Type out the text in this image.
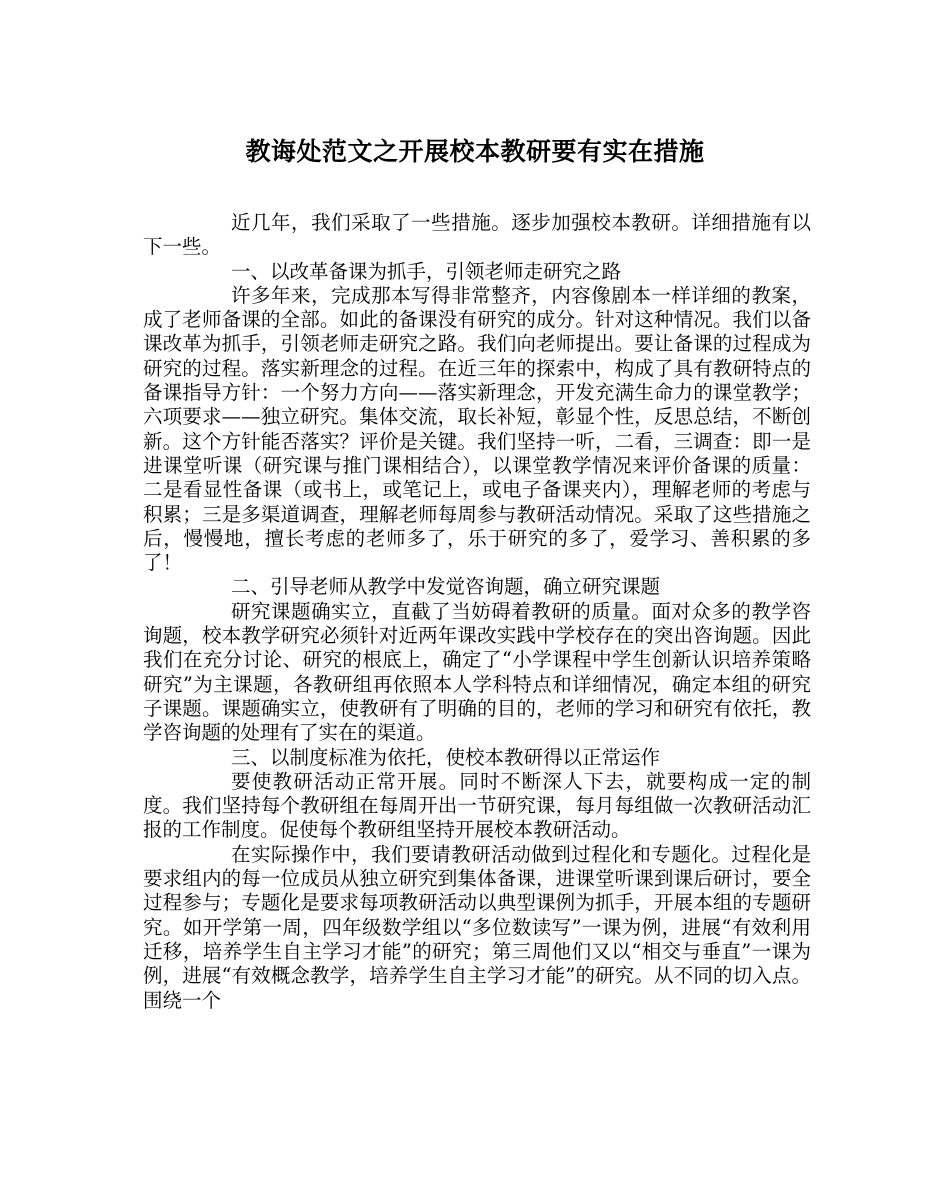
教诲处范文之开展校本教研要有实在措施

近几年，我们采取了一些措施。逐步加强校本教研。详细措施有以下一些。

一、以改革备课为抓手，引领老师走研究之路

许多年来，完成那本写得非常整齐，内容像剧本一样详细的教案，成了老师备课的全部。如此的备课没有研究的成分。针对这种情况。我们以备课改革为抓手，引领老师走研究之路。我们向老师提出。要让备课的过程成为研究的过程。落实新理念的过程。在近三年的探索中，构成了具有教研特点的备课指导方针：一个努力方向——落实新理念，开发充满生命力的课堂教学；六项要求——独立研究。集体交流，取长补短，彰显个性，反思总结，不断创新。这个方针能否落实？评价是关键。我们坚持一听，二看，三调查：即一是进课堂听课（研究课与推门课相结合），以课堂教学情况来评价备课的质量：二是看显性备课（或书上，或笔记上，或电子备课夹内），理解老师的考虑与积累；三是多渠道调查，理解老师每周参与教研活动情况。采取了这些措施之后，慢慢地，擅长考虑的老师多了，乐于研究的多了，爱学习、善积累的多了！

二、引导老师从教学中发觉咨询题，确立研究课题

研究课题确实立，直截了当妨碍着教研的质量。面对众多的教学咨询题，校本教学研究必须针对近两年课改实践中学校存在的突出咨询题。因此我们在充分讨论、研究的根底上，确定了“小学课程中学生创新认识培养策略研究”为主课题，各教研组再依照本人学科特点和详细情况，确定本组的研究子课题。课题确实立，使教研有了明确的目的，老师的学习和研究有依托，教学咨询题的处理有了实在的渠道。

三、以制度标准为依托，使校本教研得以正常运作

要使教研活动正常开展。同时不断深人下去，就要构成一定的制度。我们坚持每个教研组在每周开出一节研究课，每月每组做一次教研活动汇报的工作制度。促使每个教研组坚持开展校本教研活动。

在实际操作中，我们要请教研活动做到过程化和专题化。过程化是要求组内的每一位成员从独立研究到集体备课，进课堂听课到课后研讨，要全过程参与；专题化是要求每项教研活动以典型课例为抓手，开展本组的专题研究。如开学第一周，四年级数学组以“多位数读写”一课为例，进展“有效利用迁移，培养学生自主学习才能”的研究；第三周他们又以“相交与垂直”一课为例，进展“有效概念教学，培养学生自主学习才能”的研究。从不同的切入点。围绕一个
